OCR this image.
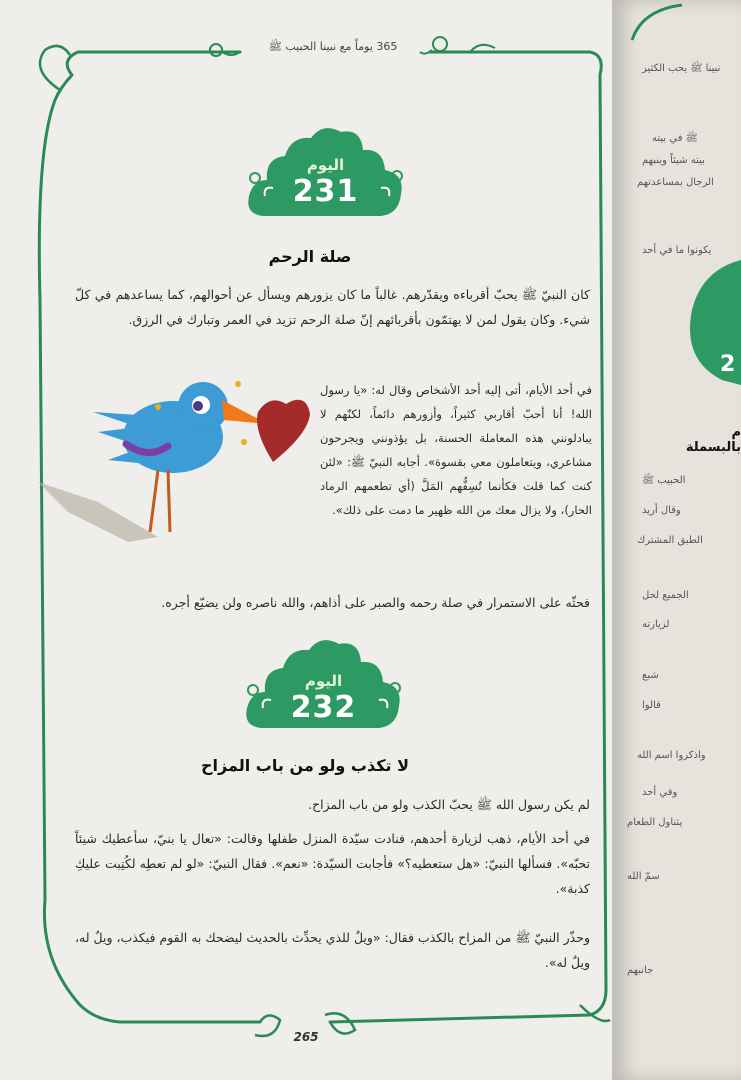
365 يوماً مع نبينا الحبيب ﷺ
اليوم
231
صلة الرحم
كان النبيّ ﷺ يحبّ أقرباءه ويقدّرهم. غالباً ما كان يزورهم ويسأل عن أحوالهم، كما يساعدهم في كلّ شيء. وكان يقول لمن لا يهتمّون بأقربائهم إنّ صلة الرحم تزيد في العمر وتبارك في الرزق.
في أحد الأيام، أتى إليه أحد الأشخاص وقال له: «يا رسول الله! أنا أحبّ أقاربي كثيراً، وأزورهم دائماً، لكنّهم لا يبادلونني هذه المعاملة الحسنة، بل يؤذونني ويجرحون مشاعري، ويتعاملون معي بقسوة». أجابه النبيّ ﷺ: «لئن كنت كما قلت فكأنما تُسِفُّهم المَلَّ (أي تطعمهم الرماد الحار)، ولا يزال معك من الله ظهير ما دمت على ذلك».
فحثّه على الاستمرار في صلة رحمه والصبر على أذاهم، والله ناصره ولن يضيّع أجره.
اليوم
232
لا تكذب ولو من باب المزاح
لم يكن رسول الله ﷺ يحبّ الكذب ولو من باب المزاح.
في أحد الأيام، ذهب لزيارة أحدهم، فنادت سيّدة المنزل طفلها وقالت: «تعال يا بنيّ، سأعطيك شيئاً تحبّه». فسألها النبيّ: «هل ستعطيه؟» فأجابت السيّدة: «نعم». فقال النبيّ: «لو لم تعطِه لكُتِبت عليكِ كذبة».
وحذّر النبيّ ﷺ من المزاح بالكذب فقال: «ويلٌ للذي يحدِّث بالحديث ليضحك به القوم فيكذب، ويلٌ له، ويلٌ له».
265
2
م بالبسملة
نبينا ﷺ يحب الكثير
ﷺ في بيته
بيته شيئاً وينبهم
الرجال بمساعدتهم
يكونوا ما في أحد
الحبيب ﷺ
وقال أريد
الطبق المشترك
الجميع لحل
لزيارته
شبع
قالوا
واذكروا اسم الله
وفي أحد
يتناول الطعام
سمّ الله
جانبهم
